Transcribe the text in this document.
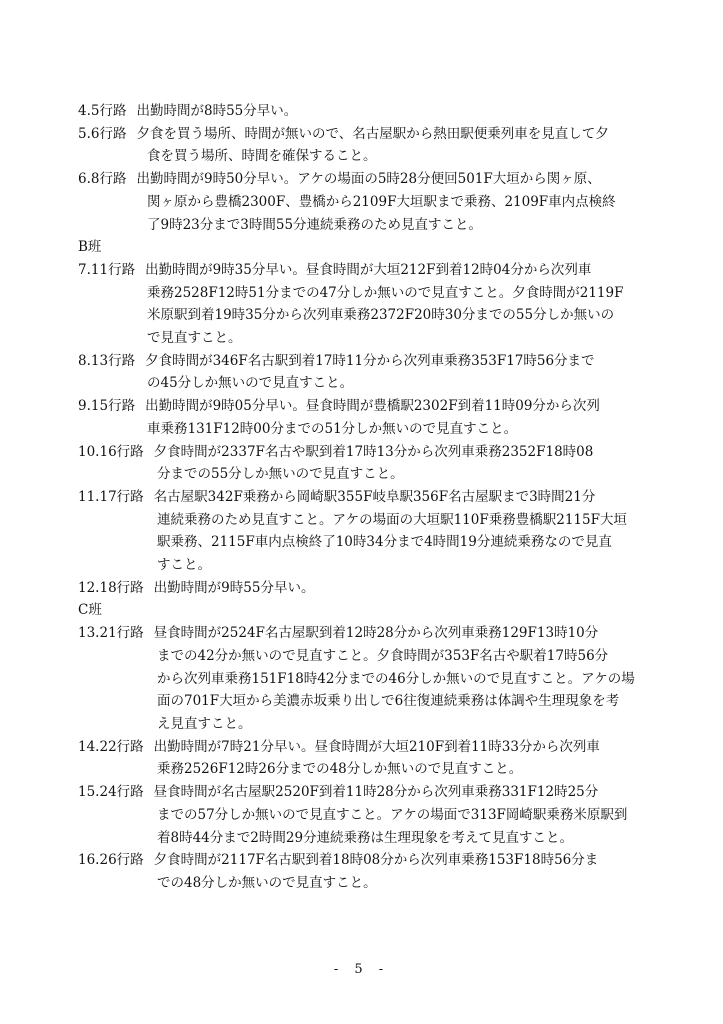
4.5行路 出勤時間が8時55分早い。
5.6行路 夕食を買う場所、時間が無いので、名古屋駅から熱田駅便乗列車を見直して夕
食を買う場所、時間を確保すること。
6.8行路 出勤時間が9時50分早い。アケの場面の5時28分便回501F大垣から関ヶ原、
関ヶ原から豊橋2300F、豊橋から2109F大垣駅まで乗務、2109F車内点検終
了9時23分まで3時間55分連続乗務のため見直すこと。
B班
7.11行路 出勤時間が9時35分早い。昼食時間が大垣212F到着12時04分から次列車
乗務2528F12時51分までの47分しか無いので見直すこと。夕食時間が2119F
米原駅到着19時35分から次列車乗務2372F20時30分までの55分しか無いの
で見直すこと。
8.13行路 夕食時間が346F名古駅到着17時11分から次列車乗務353F17時56分まで
の45分しか無いので見直すこと。
9.15行路 出勤時間が9時05分早い。昼食時間が豊橋駅2302F到着11時09分から次列
車乗務131F12時00分までの51分しか無いので見直すこと。
10.16行路 夕食時間が2337F名古や駅到着17時13分から次列車乗務2352F18時08
分までの55分しか無いので見直すこと。
11.17行路 名古屋駅342F乗務から岡崎駅355F岐阜駅356F名古屋駅まで3時間21分
連続乗務のため見直すこと。アケの場面の大垣駅110F乗務豊橋駅2115F大垣
駅乗務、2115F車内点検終了10時34分まで4時間19分連続乗務なので見直
すこと。
12.18行路 出勤時間が9時55分早い。
C班
13.21行路 昼食時間が2524F名古屋駅到着12時28分から次列車乗務129F13時10分
までの42分か無いので見直すこと。夕食時間が353F名古や駅着17時56分
から次列車乗務151F18時42分までの46分しか無いので見直すこと。アケの場
面の701F大垣から美濃赤坂乗り出しで6往復連続乗務は体調や生理現象を考
え見直すこと。
14.22行路 出勤時間が7時21分早い。昼食時間が大垣210F到着11時33分から次列車
乗務2526F12時26分までの48分しか無いので見直すこと。
15.24行路 昼食時間が名古屋駅2520F到着11時28分から次列車乗務331F12時25分
までの57分しか無いので見直すこと。アケの場面で313F岡崎駅乗務米原駅到
着8時44分まで2時間29分連続乗務は生理現象を考えて見直すこと。
16.26行路 夕食時間が2117F名古駅到着18時08分から次列車乗務153F18時56分ま
での48分しか無いので見直すこと。
- 5 -
